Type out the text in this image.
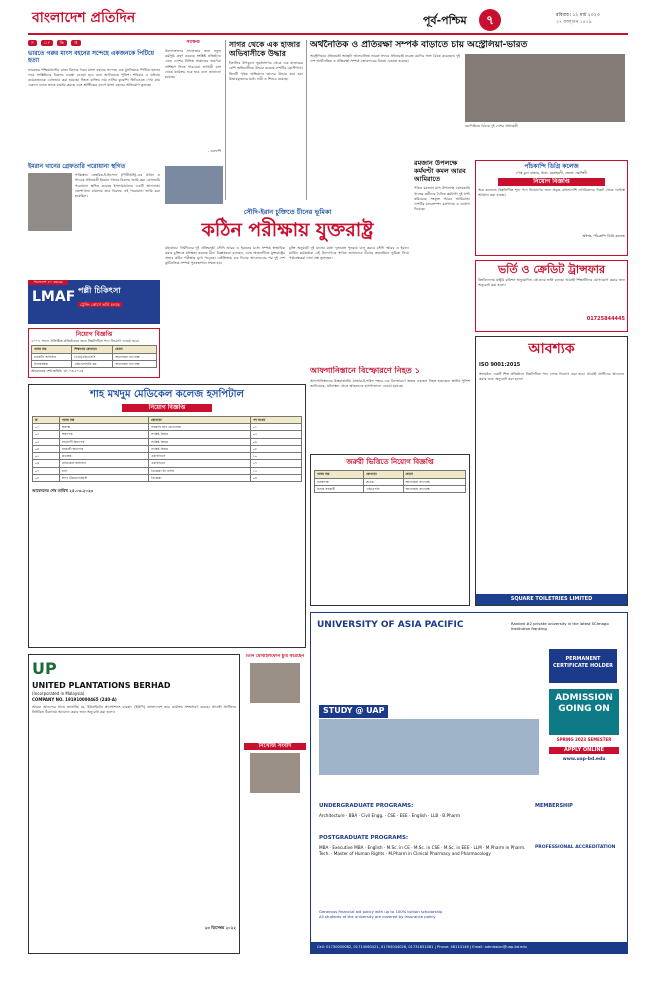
বাংলাদেশ প্রতিদিন	পূর্ব-পশ্চিম	৭	রবিবার ৷ ১২ মার্চ ২০২৩
২৭ ফাল্গুন ১৪২৯
স	ং	ক্ষি	প্ত
ভারতে গরুর মাংস বহনের সন্দেহে একজনকে পিটিয়ে হত্যা
ভারতের পশ্চিমাঞ্চলীয় রাজ্য বিহারে গরুর মাংস বহনের সন্দেহে এক মুসলিমকে পিটিয়ে হত্যার দায়ে সংশ্লিষ্টদের বিরুদ্ধে ব্যবস্থা নেওয়া হবে বলে জানিয়েছে পুলিশ। শনিবার এ ঘটনায় কয়েকজনকে গ্রেফতার করা হয়েছে। নিহত ব্যক্তির নাম নাসিম কুরেশি। ভিডিওতে দেখা যায় একদল লোক তাকে মারধর করছে এবং প্লাস্টিকের ব্যাগে মাংস বহনের অভিযোগ তুলছে।
ইমরান খানের গ্রেফতারি পরোয়ানা স্থগিত
পাকিস্তান তেহরিক-ই-ইনসাফ (পিটিআই)-এর প্রধান ও সাবেক প্রধানমন্ত্রী ইমরান খানের বিরুদ্ধে জারি করা গ্রেফতারি পরোয়ানা স্থগিত করেছে ইসলামাবাদের একটি আদালত। তোশাখানা মামলায় তার বিরুদ্ধে এই পরোয়ানা জারি করা হয়েছিল।
সংক্ষিপ্ত
উদ্যোক্তাদের সফলতার জন্য নতুন কর্মসূচি গ্রহণ করেছে সংশ্লিষ্ট প্রতিষ্ঠান। এতে দেশের বিভিন্ন অঞ্চলের তরুণরা প্রশিক্ষণ নিতে পারবেন। আগামী মাস থেকে কার্যক্রম শুরু হবে বলে জানানো হয়েছে।
- এএফপি
সাগর থেকে এক হাজার অভিবাসীকে উদ্ধার
ইতালির উপকূলে ভূমধ্যসাগর থেকে এক হাজারের বেশি অভিবাসীকে উদ্ধার করেছে দেশটির কোস্টগার্ড। তিনটি পৃথক অভিযানে তাদের উদ্ধার করা হয়। উদ্ধারকৃতদের মধ্যে নারী ও শিশুও রয়েছে।
অর্থনৈতিক ও প্রতিরক্ষা সম্পর্ক বাড়াতে চায় অস্ট্রেলিয়া-ভারত
অস্ট্রেলিয়ার প্রধানমন্ত্রী অ্যান্থনি আলবানিজ ভারত সফরে প্রধানমন্ত্রী নরেন্দ্র মোদির সঙ্গে বৈঠক করেছেন। দুই দেশ অর্থনৈতিক ও প্রতিরক্ষা সম্পর্ক জোরদারের বিষয়ে একমত হয়েছে।
নয়াদিল্লিতে বৈঠকে দুই দেশের প্রধানমন্ত্রী
সৌদি-ইরান চুক্তিতে চীনের ভূমিকা
কঠিন পরীক্ষায় যুক্তরাষ্ট্র
মধ্যপ্রাচ্যে দীর্ঘদিনের দুই প্রতিদ্বন্দ্বী সৌদি আরব ও ইরানের মধ্যে সম্পর্ক স্বাভাবিক করার চুক্তিতে মধ্যস্থতা করেছে চীন। বিশ্লেষকরা বলছেন, এতে অঞ্চলটিতে যুক্তরাষ্ট্রের প্রভাব কঠিন পরীক্ষার মুখে পড়েছে। বেইজিংয়ে চার দিনের আলোচনার পর দুই দেশ কূটনৈতিক সম্পর্ক পুনঃস্থাপনে সম্মত হয়।
চুক্তি অনুযায়ী দুই মাসের মধ্যে দূতাবাস পুনরায় চালু করবে সৌদি আরব ও ইরান। মার্কিন কর্মকর্তারা এই উদ্যোগকে স্বাগত জানালেও চীনের ক্রমবর্ধমান ভূমিকা নিয়ে পর্যবেক্ষকরা নানা প্রশ্ন তুলছেন।
রমজান উপলক্ষে কর্মঘণ্টা কমল আরব আমিরাতে
পবিত্র রমজান মাস উপলক্ষে বেসরকারি খাতের কর্মীদের দৈনিক কর্মঘণ্টা দুই ঘণ্টা কমিয়েছে সংযুক্ত আরব আমিরাত। দেশটির মানবসম্পদ মন্ত্রণালয় এ ঘোষণা দিয়েছে।
পাঁচকান্দি ডিগ্রি কলেজ
পোঃ চুনা বাজার, থানা: মনোহরদী, জেলা: নরসিংদী
নিয়োগ বিজ্ঞপ্তি
অত্র কলেজে নিম্নলিখিত শূন্য পদে নিয়োগের জন্য প্রকৃত বাংলাদেশি নাগরিকদের নিকট থেকে দরখাস্ত আহ্বান করা যাচ্ছে।
অধ্যক্ষ, পাঁচকান্দি ডিগ্রি কলেজ
ভর্তি ও ক্রেডিট ট্রান্সফার
বিশ্ববিদ্যালয় মঞ্জুরি কমিশন অনুমোদিত প্রোগ্রামে ভর্তি চলছে। আগ্রহী শিক্ষার্থীদের যোগাযোগ করার জন্য অনুরোধ করা হলো।
01725844445
আফগানিস্তানে বিস্ফোরণে নিহত ১
আফগানিস্তানের উত্তরাঞ্চলীয় মাজার-ই-শরিফ শহরে এক বিস্ফোরণে অন্তত একজন নিহত হয়েছেন। স্থানীয় পুলিশ জানিয়েছে, ঘটনাস্থল থেকে আহতদের হাসপাতালে নেওয়া হয়েছে।
সারাদেশে ৪৭ বছরের
LMAF পল্লী চিকিৎসা
ট্রেনিং কোর্সে ভর্তি চলছে
নিয়োগ বিজ্ঞপ্তি
২০০৭ সালে প্রতিষ্ঠিত প্রতিষ্ঠানের জন্য নিম্নলিখিত পদে নিয়োগ দেওয়া হবে।
পদের নাম	শিক্ষাগত যোগ্যতা	বেতন
মার্কেটিং অফিসার	ডিগ্রি/এইচএসসি	আলোচনা সাপেক্ষে
হিসাবরক্ষক	এইচএসসি/বি কম	আলোচনা সাপেক্ষে
আবেদনের শেষ তারিখ: ৩০.০৩.২০২৩
শাহ মখদুম মেডিকেল কলেজ হসপিটাল
নিয়োগ বিজ্ঞপ্তি
ক্র	পদের নাম	যোগ্যতা	পদ সংখ্যা
০১	অধ্যক্ষ	সরকারি বিধি মোতাবেক	০১
০২	অধ্যাপক	সংশ্লিষ্ট বিষয়ে	০৫
০৩	সহযোগী অধ্যাপক	সংশ্লিষ্ট বিষয়ে	০৬
০৪	সহকারী অধ্যাপক	সংশ্লিষ্ট বিষয়ে	০৮
০৫	প্রভাষক	এমবিবিএস	১০
০৬	মেডিকেল অফিসার	এমবিবিএস	০৭
০৭	নার্স	ডিপ্লোমা ইন নার্সিং	১৫
০৮	ল্যাব টেকনোলজিস্ট	ডিপ্লোমা	০৪
আবেদনের শেষ তারিখ ২৫.০৩.২০২৩
জরুরী ভিত্তিতে নিয়োগ বিজ্ঞপ্তি
পদের নাম	যোগ্যতা	বেতন
ব্যবস্থাপক	স্নাতক	আলোচনা সাপেক্ষে
হিসাব সহকারী	এইচএসসি	আলোচনা সাপেক্ষে
আবশ্যক
ISO 9001:2015
স্বনামধন্য একটি শিল্প প্রতিষ্ঠানে নিম্নলিখিত পদে লোক নিয়োগ করা হবে। আগ্রহী প্রার্থীদের আবেদন করার জন্য অনুরোধ করা হলো।
SQUARE TOILETRIES LIMITED
UP
UNITED PLANTATIONS BERHAD
(Incorporated in Malaysia)
COMPANY NO. 191910000465 (240-A)
আমরা আনন্দের সাথে জানাচ্ছি যে, ইউনাইটেড প্ল্যান্টেশনস বারহাদ (ইউপি) বাংলাদেশে তার কার্যক্রম সম্প্রসারণ করছে। আগ্রহী প্রার্থীদের নির্ধারিত ঠিকানায় আবেদন করার জন্য অনুরোধ করা হলো।
২৩ ডিসেম্বর ২০২২
তিনি মোবাইলফোন চুরি করেছেন
নিখোঁজ সংবাদ
UNIVERSITY OF ASIA PACIFIC	Ranked #2 private university in the latest SCImago Institution Ranking
PERMANENT CERTIFICATE HOLDER
STUDY @ UAP
ADMISSION GOING ON
SPRING 2023 SEMESTER
APPLY ONLINE
www.uap-bd.edu
MEMBERSHIP
PROFESSIONAL ACCREDITATION
UNDERGRADUATE PROGRAMS:
Architecture · BBA · Civil Engg. · CSE · EEE · English · LLB · B.Pharm
POSTGRADUATE PROGRAMS:
MBA · Executive MBA · English · M.Sc. in CE · M.Sc. in CSE · M.Sc. in EEE · LLM · M.Pharm in Pharm. Tech. · Master of Human Rights · M.Pharm in Clinical Pharmacy and Pharmacology
Generous financial aid policy with up to 100% tuition scholarship
All students of the university are covered by insurance policy
Cell: 01730050082, 01714060421, 01765044026, 01731651081 | Phone: 48114146 | Email: admission@uap-bd.edu
